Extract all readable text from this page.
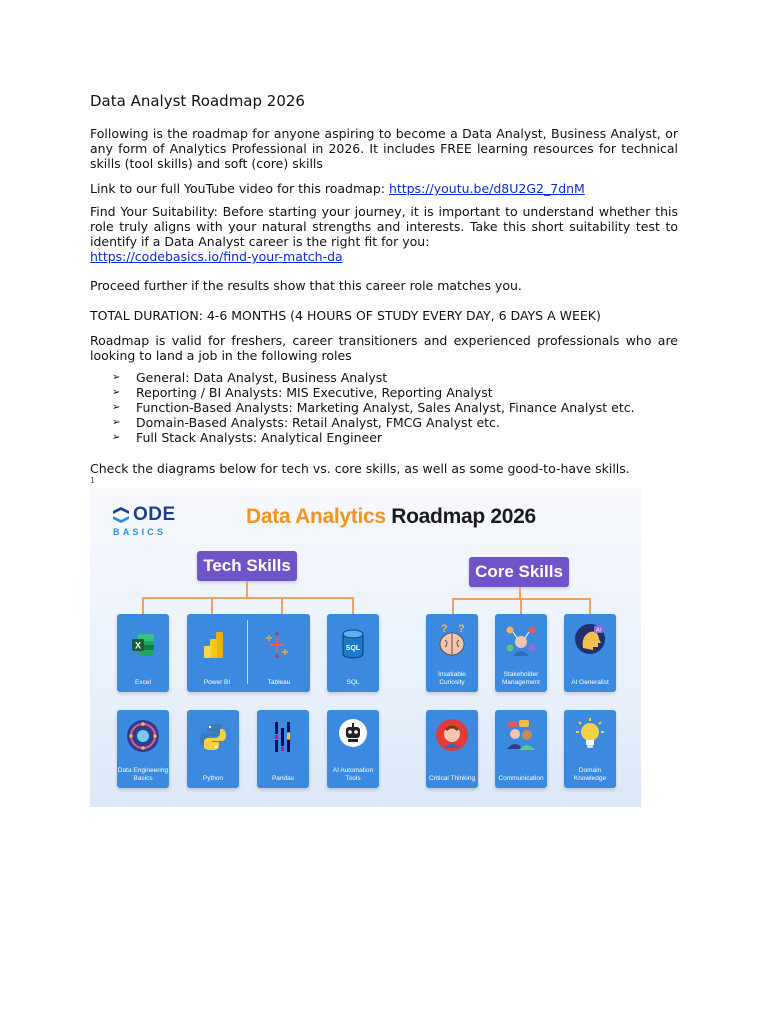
Data Analyst Roadmap 2026

Following is the roadmap for anyone aspiring to become a Data Analyst, Business Analyst, or any form of Analytics Professional in 2026. It includes FREE learning resources for technical skills (tool skills) and soft (core) skills

Link to our full YouTube video for this roadmap: https://youtu.be/d8U2G2_7dnM

Find Your Suitability: Before starting your journey, it is important to understand whether this role truly aligns with your natural strengths and interests. Take this short suitability test to identify if a Data Analyst career is the right fit for you:
https://codebasics.io/find-your-match-da

Proceed further if the results show that this career role matches you.

TOTAL DURATION: 4-6 MONTHS (4 HOURS OF STUDY EVERY DAY, 6 DAYS A WEEK)

Roadmap is valid for freshers, career transitioners and experienced professionals who are looking to land a job in the following roles

➢ General: Data Analyst, Business Analyst
➢ Reporting / BI Analysts: MIS Executive, Reporting Analyst
➢ Function-Based Analysts: Marketing Analyst, Sales Analyst, Finance Analyst etc.
➢ Domain-Based Analysts: Retail Analyst, FMCG Analyst etc.
➢ Full Stack Analysts: Analytical Engineer

Check the diagrams below for tech vs. core skills, as well as some good-to-have skills.

1
ODE
BASICS
Data Analytics Roadmap 2026
Tech Skills	Core Skills
X
Excel	Power BI	Tableau
SQL
SQL
Data Engineering Basics	Python	Pandas
AI Automation Tools
? ?
Insatiable Curiosity
Stakeholder Management
AI
AI Generalist
Critical Thinking	Communication
Domain Knowledge
